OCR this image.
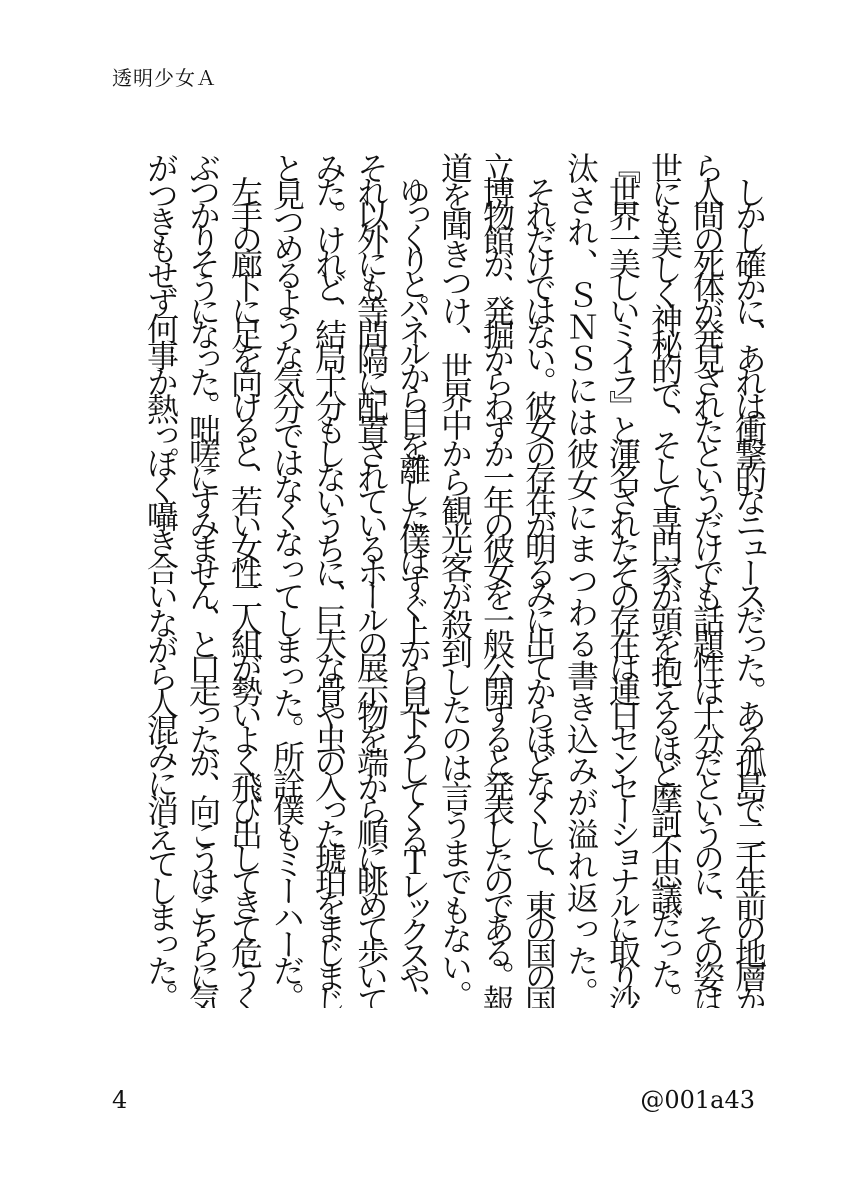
透明少女Ａ

　しかし確かに、あれは衝撃的なニュースだった。ある孤島で二千年前の地層か

ら人間の死体が発見されたというだけでも話題性は十分だというのに、その姿は

世にも美しく神秘的で、そして専門家が頭を抱えるほど摩訶不思議だった。

『世界一美しいミイラ』と渾名されたその存在は連日センセーショナルに取り沙

汰され、ＳＮＳには彼女にまつわる書き込みが溢れ返った。

　それだけではない。彼女の存在が明るみに出てからほどなくして、東の国の国

立博物館が、発掘からわずか一年の彼女を一般公開すると発表したのである。報

道を聞きつけ、世界中から観光客が殺到したのは言うまでもない。

　ゆっくりとパネルから目を離した僕はすぐ上から見下ろしてくるＴレックスや、

それ以外にも等間隔に配置されているホールの展示物を端から順に眺めて歩いて

みた。けれど、結局十分もしないうちに、巨大な骨や虫の入った琥珀をまじまじ

と見つめるような気分ではなくなってしまった。所詮僕もミーハーだ。

　左手の廊下に足を向けると、若い女性二人組が勢いよく飛び出してきて危うく

ぶつかりそうになった。咄嗟にすみません、と口走ったが、向こうはこちらに気

がつきもせず何事か熱っぽく囁き合いながら人混みに消えてしまった。

4	@001a43
